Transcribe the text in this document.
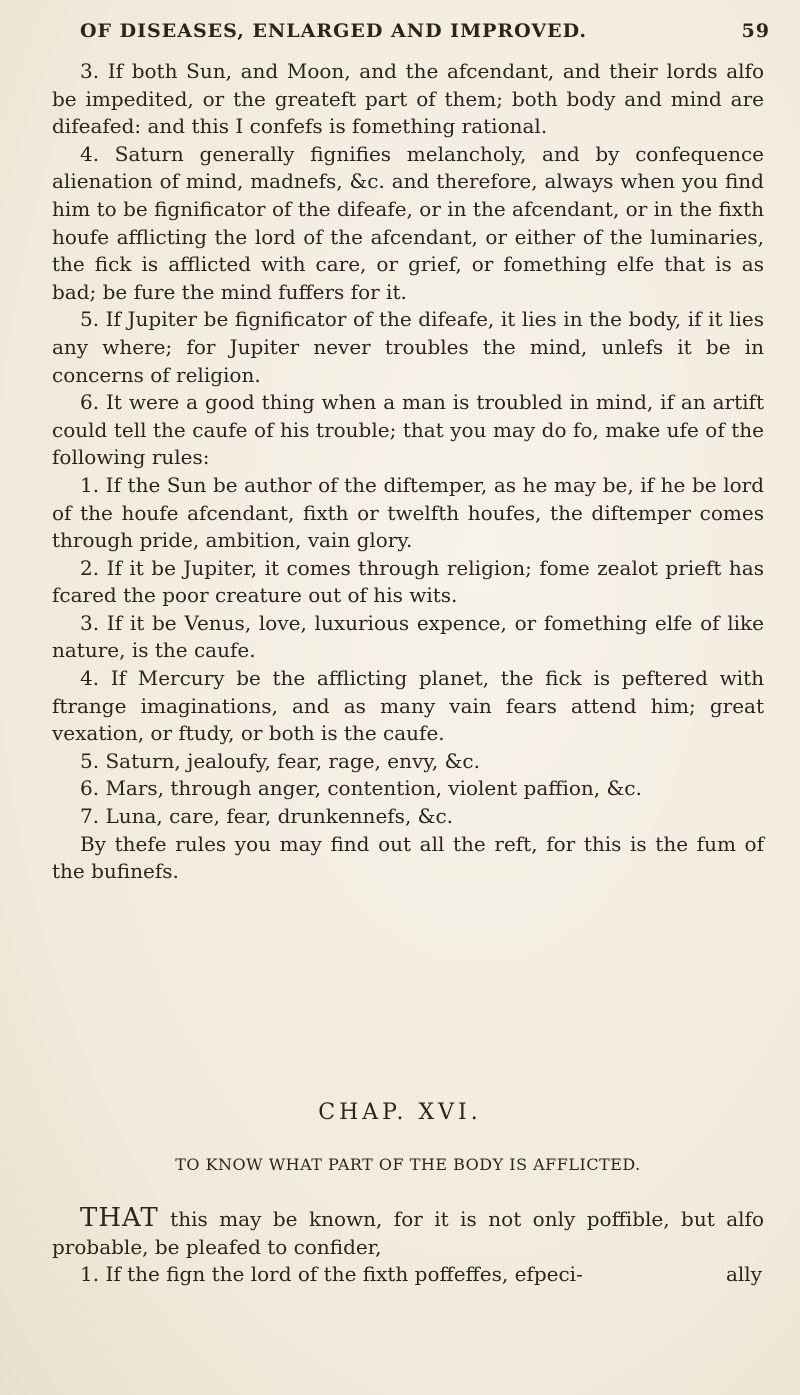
OF DISEASES, ENLARGED AND IMPROVED.	59

3. If both Sun, and Moon, and the afcendant, and their lords alfo be impedited, or the greateft part of them; both body and mind are difeafed: and this I confefs is fomething rational.

4. Saturn generally fignifies melancholy, and by confequence alienation of mind, madnefs, &c. and therefore, always when you find him to be fignificator of the difeafe, or in the afcendant, or in the fixth houfe afflicting the lord of the afcendant, or either of the luminaries, the fick is afflicted with care, or grief, or fomething elfe that is as bad; be fure the mind fuffers for it.

5. If Jupiter be fignificator of the difeafe, it lies in the body, if it lies any where; for Jupiter never troubles the mind, unlefs it be in concerns of religion.

6. It were a good thing when a man is troubled in mind, if an artift could tell the caufe of his trouble; that you may do fo, make ufe of the following rules:

1. If the Sun be author of the diftemper, as he may be, if he be lord of the houfe afcendant, fixth or twelfth houfes, the diftemper comes through pride, ambition, vain glory.

2. If it be Jupiter, it comes through religion; fome zealot prieft has fcared the poor creature out of his wits.

3. If it be Venus, love, luxurious expence, or fomething elfe of like nature, is the caufe.

4. If Mercury be the afflicting planet, the fick is peftered with ftrange imaginations, and as many vain fears attend him; great vexation, or ftudy, or both is the caufe.

5. Saturn, jealoufy, fear, rage, envy, &c.

6. Mars, through anger, contention, violent paffion, &c.

7. Luna, care, fear, drunkennefs, &c.

By thefe rules you may find out all the reft, for this is the fum of the bufinefs.

CHAP. XVI.
TO KNOW WHAT PART OF THE BODY IS AFFLICTED.

THAT this may be known, for it is not only poffible, but alfo probable, be pleafed to confider,

1. If the fign the lord of the fixth poffeffes, efpeci-	ally
